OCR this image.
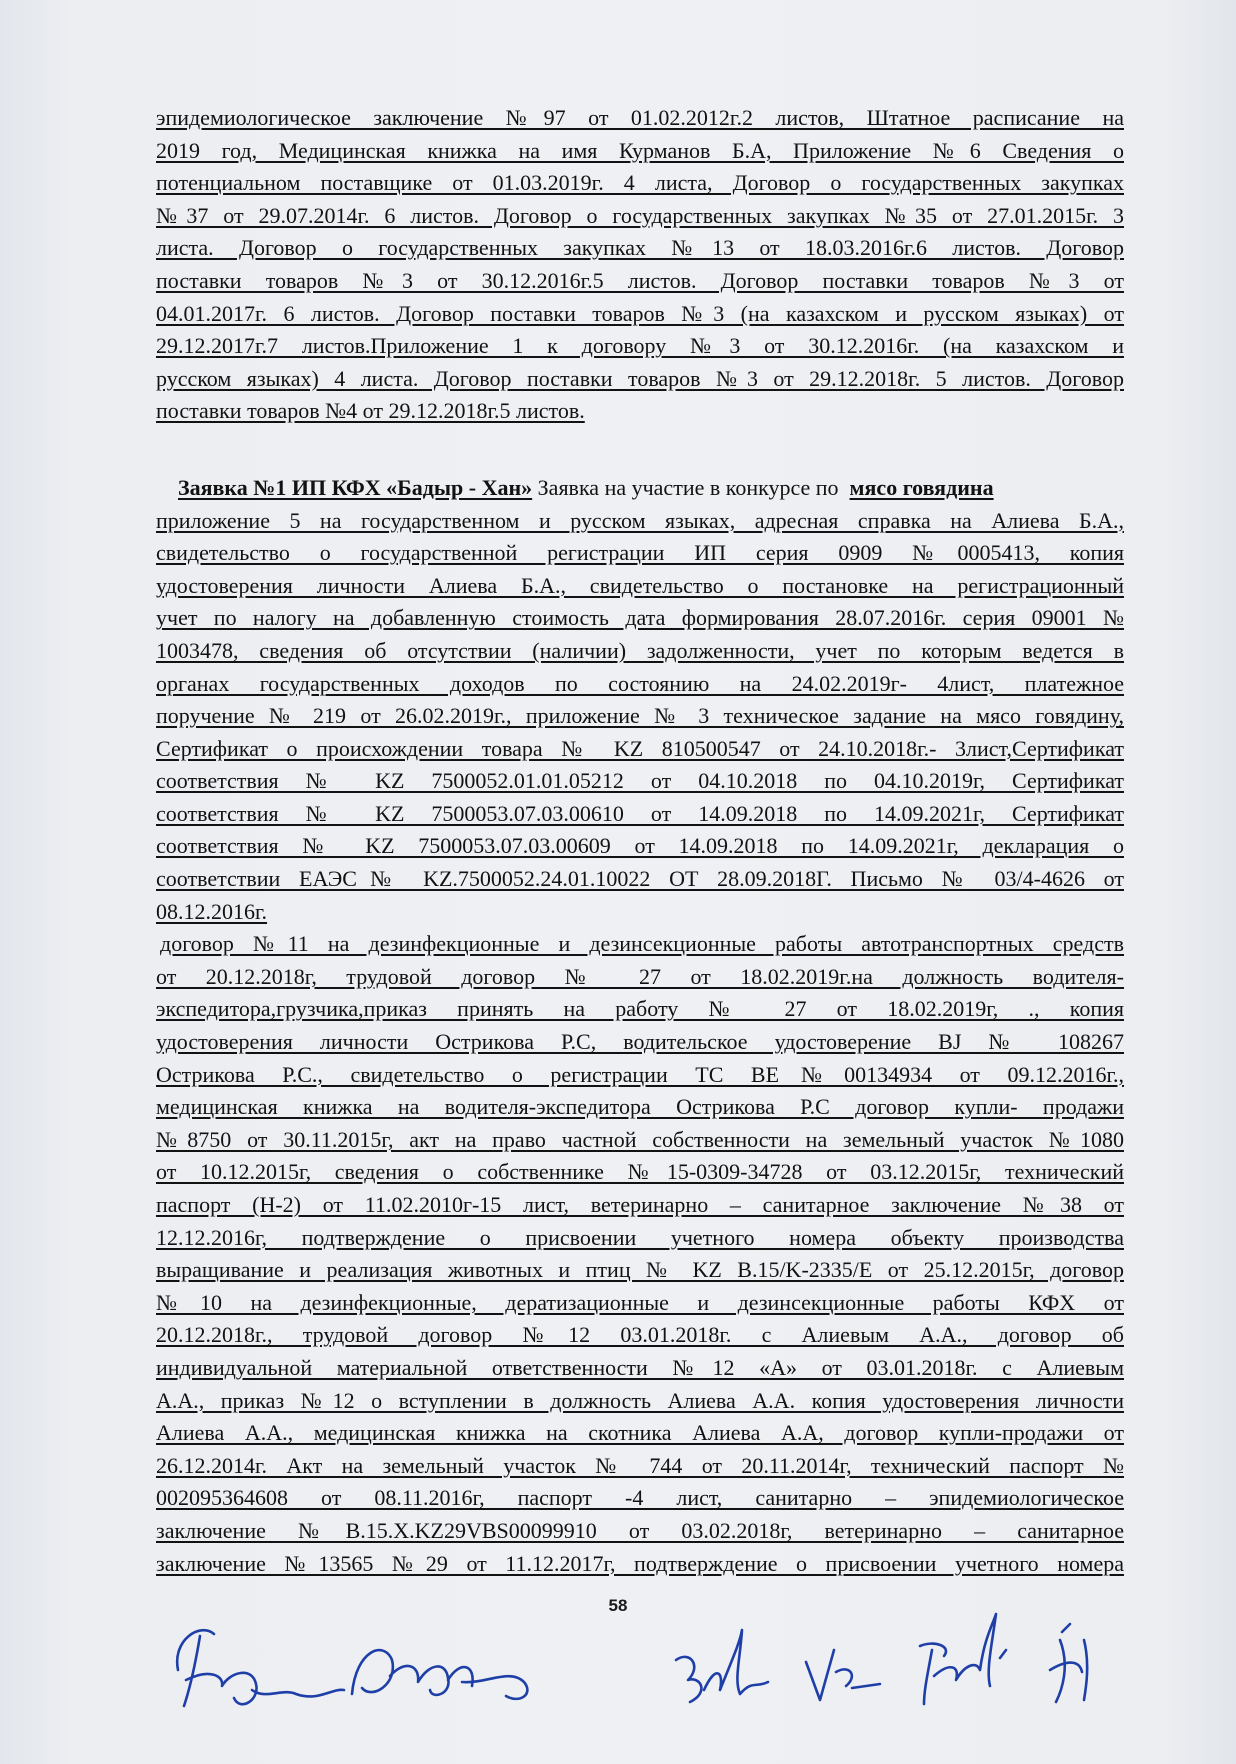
эпидемиологическое заключение №97 от 01.02.2012г.2 листов, Штатное расписание на
2019 год, Медицинская книжка на имя Курманов Б.А, Приложение №6 Сведения о
потенциальном поставщике от 01.03.2019г. 4 листа, Договор о государственных закупках
№37 от 29.07.2014г. 6 листов. Договор о государственных закупках №35 от 27.01.2015г. 3
листа. Договор о государственных закупках №13 от 18.03.2016г.6 листов. Договор
поставки товаров №3 от 30.12.2016г.5 листов. Договор поставки товаров №3 от
04.01.2017г. 6 листов. Договор поставки товаров №3 (на казахском и русском языках) от
29.12.2017г.7 листов.Приложение 1 к договору №3 от 30.12.2016г. (на казахском и
русском языках) 4 листа. Договор поставки товаров №3 от 29.12.2018г. 5 листов. Договор
поставки товаров №4 от 29.12.2018г.5 листов.
Заявка №1 ИП КФХ «Бадыр - Хан» Заявка на участие в конкурсе по мясо говядина
приложение 5 на государственном и русском языках, адресная справка на Алиева Б.А.,
свидетельство о государственной регистрации ИП серия 0909 №0005413, копия
удостоверения личности Алиева Б.А., свидетельство о постановке на регистрационный
учет по налогу на добавленную стоимость дата формирования 28.07.2016г. серия 09001 №
1003478, сведения об отсутствии (наличии) задолженности, учет по которым ведется в
органах государственных доходов по состоянию на 24.02.2019г- 4лист, платежное
поручение № 219 от 26.02.2019г., приложение № 3 техническое задание на мясо говядину,
Сертификат о происхождении товара № KZ 810500547 от 24.10.2018г.- 3лист,Сертификат
соответствия № KZ 7500052.01.01.05212 от 04.10.2018 по 04.10.2019г, Сертификат
соответствия № KZ 7500053.07.03.00610 от 14.09.2018 по 14.09.2021г, Сертификат
соответствия № KZ 7500053.07.03.00609 от 14.09.2018 по 14.09.2021г, декларация о
соответствии ЕАЭС№ KZ.7500052.24.01.10022 ОТ 28.09.2018Г. Письмо № 03/4-4626 от
08.12.2016г.
договор №11 на дезинфекционные и дезинсекционные работы автотранспортных средств
от 20.12.2018г, трудовой договор № 27 от 18.02.2019г.на должность водителя-
экспедитора,грузчика,приказ принять на работу № 27 от 18.02.2019г, ., копия
удостоверения личности Острикова Р.С, водительское удостоверение BJ № 108267
Острикова Р.С., свидетельство о регистрации ТС BE№00134934 от 09.12.2016г.,
медицинская книжка на водителя-экспедитора Острикова Р.С договор купли- продажи
№8750 от 30.11.2015г, акт на право частной собственности на земельный участок №1080
от 10.12.2015г, сведения о собственнике №15-0309-34728 от 03.12.2015г, технический
паспорт (Н-2) от 11.02.2010г-15 лист, ветеринарно – санитарное заключение №38 от
12.12.2016г, подтверждение о присвоении учетного номера объекту производства
выращивание и реализация животных и птиц № KZ B.15/K-2335/E от 25.12.2015г, договор
№10 на дезинфекционные, дератизационные и дезинсекционные работы КФХ от
20.12.2018г., трудовой договор №12 03.01.2018г. с Алиевым А.А., договор об
индивидуальной материальной ответственности №12 «А» от 03.01.2018г. с Алиевым
А.А., приказ №12 о вступлении в должность Алиева А.А. копия удостоверения личности
Алиева А.А., медицинская книжка на скотника Алиева А.А, договор купли-продажи от
26.12.2014г. Акт на земельный участок № 744 от 20.11.2014г, технический паспорт №
002095364608 от 08.11.2016г, паспорт -4 лист, санитарно – эпидемиологическое
заключение №B.15.X.KZ29VBS00099910 от 03.02.2018г, ветеринарно – санитарное
заключение №13565 №29 от 11.12.2017г, подтверждение о присвоении учетного номера
58
